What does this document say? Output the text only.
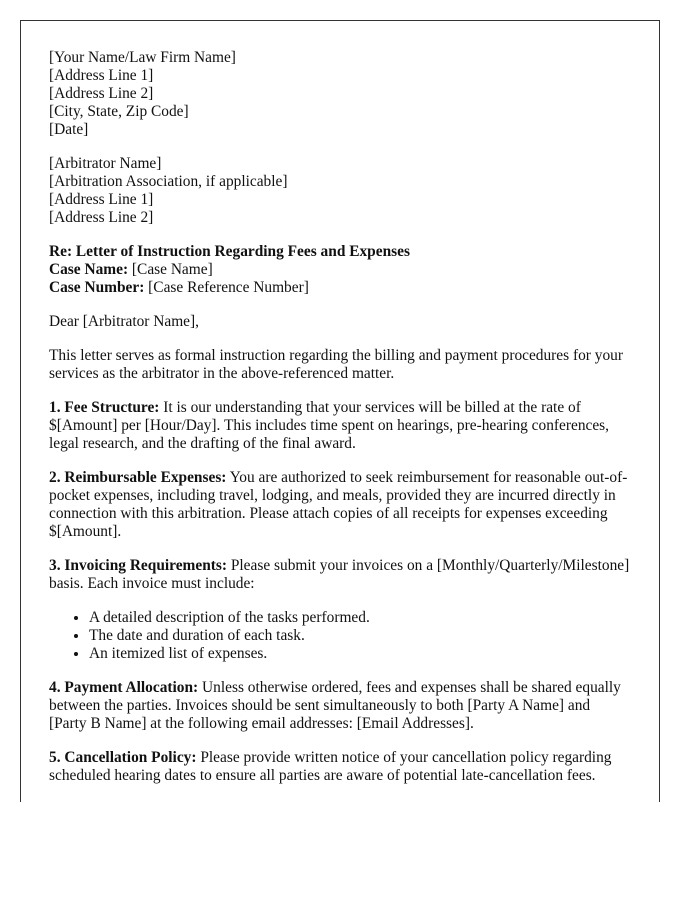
[Your Name/Law Firm Name]
[Address Line 1]
[Address Line 2]
[City, State, Zip Code]
[Date]
[Arbitrator Name]
[Arbitration Association, if applicable]
[Address Line 1]
[Address Line 2]
Re: Letter of Instruction Regarding Fees and Expenses
Case Name: [Case Name]
Case Number: [Case Reference Number]

Dear [Arbitrator Name],

This letter serves as formal instruction regarding the billing and payment procedures for your services as the arbitrator in the above-referenced matter.

1. Fee Structure: It is our understanding that your services will be billed at the rate of $[Amount] per [Hour/Day]. This includes time spent on hearings, pre-hearing conferences, legal research, and the drafting of the final award.

2. Reimbursable Expenses: You are authorized to seek reimbursement for reasonable out-of-pocket expenses, including travel, lodging, and meals, provided they are incurred directly in connection with this arbitration. Please attach copies of all receipts for expenses exceeding $[Amount].

3. Invoicing Requirements: Please submit your invoices on a [Monthly/Quarterly/Milestone] basis. Each invoice must include:

• A detailed description of the tasks performed.
• The date and duration of each task.
• An itemized list of expenses.

4. Payment Allocation: Unless otherwise ordered, fees and expenses shall be shared equally between the parties. Invoices should be sent simultaneously to both [Party A Name] and [Party B Name] at the following email addresses: [Email Addresses].

5. Cancellation Policy: Please provide written notice of your cancellation policy regarding scheduled hearing dates to ensure all parties are aware of potential late-cancellation fees.
